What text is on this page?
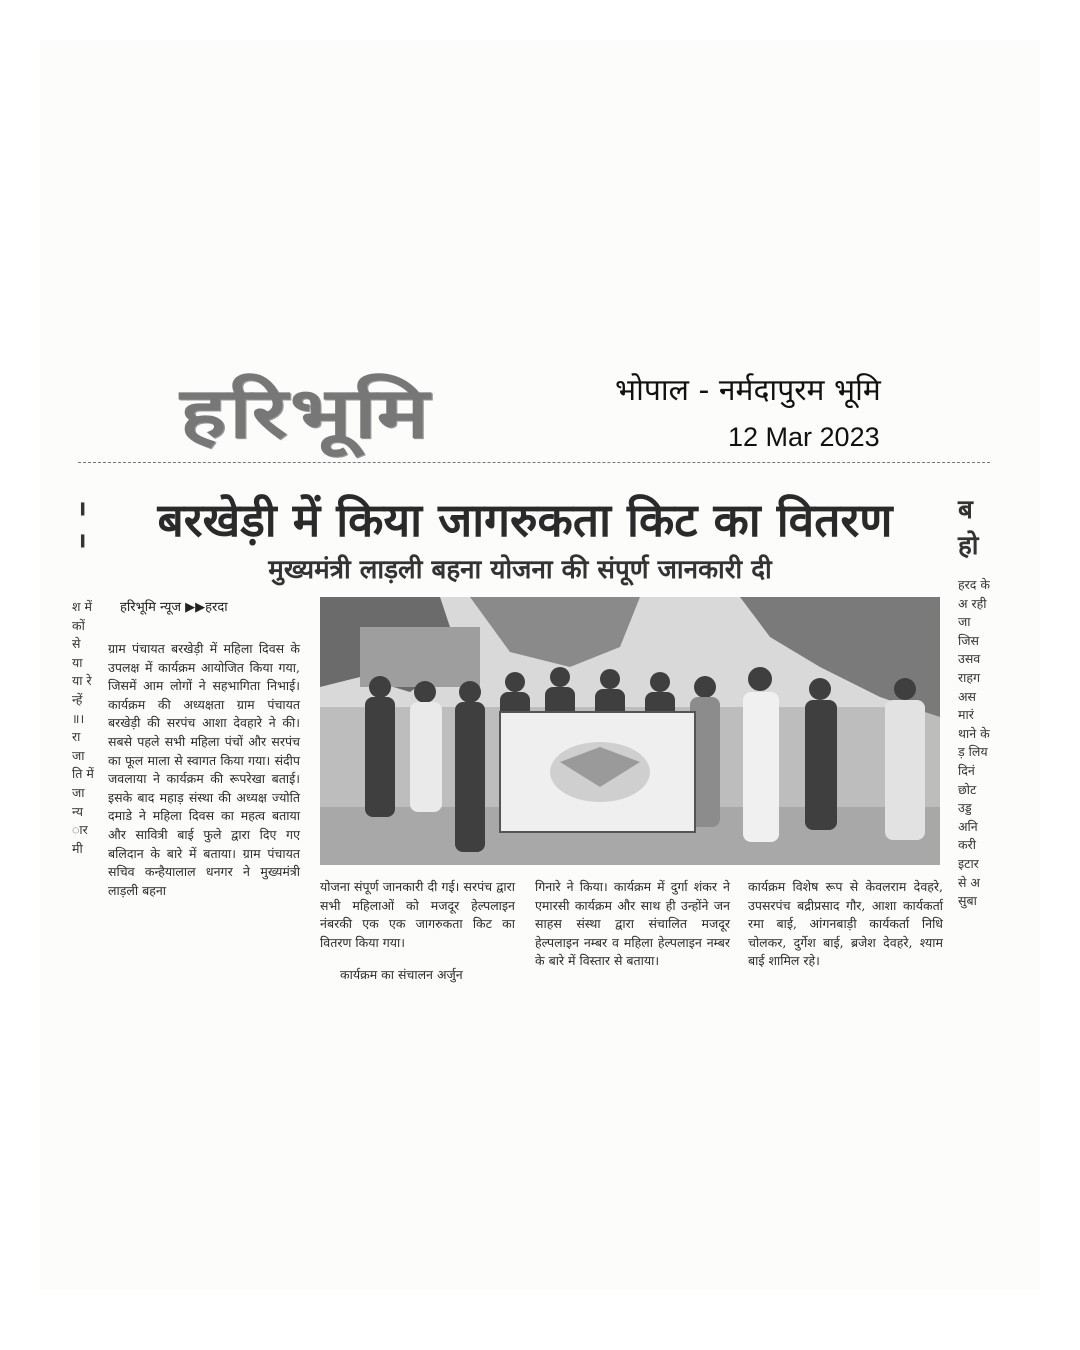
हरिभूमि	भोपाल - नर्मदापुरम भूमि
12 Mar 2023
╻
╻
श में कों से या या रे न्हें ॥। रा जा ति में जा न्य ार मी
बरखेड़ी में किया जागरुकता किट का वितरण
मुख्यमंत्री लाड़ली बहना योजना की संपूर्ण जानकारी दी
हरिभूमि न्यूज ▶▶हरदा

ग्राम पंचायत बरखेड़ी में महिला दिवस के उपलक्ष में कार्यक्रम आयोजित किया गया, जिसमें आम लोगों ने सहभागिता निभाई। कार्यक्रम की अध्यक्षता ग्राम पंचायत बरखेड़ी की सरपंच आशा देवहारे ने की। सबसे पहले सभी महिला पंचों और सरपंच का फूल माला से स्वागत किया गया। संदीप जवलाया ने कार्यक्रम की रूपरेखा बताई। इसके बाद महाड़ संस्था की अध्यक्ष ज्योति दमाडे ने महिला दिवस का महत्व बताया और सावित्री बाई फुले द्वारा दिए गए बलिदान के बारे में बताया। ग्राम पंचायत सचिव कन्हैयालाल धनगर ने मुख्यमंत्री लाड़ली बहना	योजना संपूर्ण जानकारी दी गई। सरपंच द्वारा सभी महिलाओं को मजदूर हेल्पलाइन नंबरकी एक एक जागरुकता किट का वितरण किया गया।

कार्यक्रम का संचालन अर्जुन

गिनारे ने किया। कार्यक्रम में दुर्गा शंकर ने एमारसी कार्यक्रम और साथ ही उन्होंने जन साहस संस्था द्वारा संचालित मजदूर हेल्पलाइन नम्बर व महिला हेल्पलाइन नम्बर के बारे में विस्तार से बताया।

कार्यक्रम विशेष रूप से केवलराम देवहरे, उपसरपंच बद्रीप्रसाद गौर, आशा कार्यकर्ता रमा बाई, आंगनबाड़ी कार्यकर्ता निधि चोलकर, दुर्गेश बाई, ब्रजेश देवहरे, श्याम बाई शामिल रहे।

ब हो
हरद के अ रही जा जिस उसव राहग अस मारं थाने के ड़ लिय दिनं छोट उड्ड अनि करी इटार से अ सुबा
